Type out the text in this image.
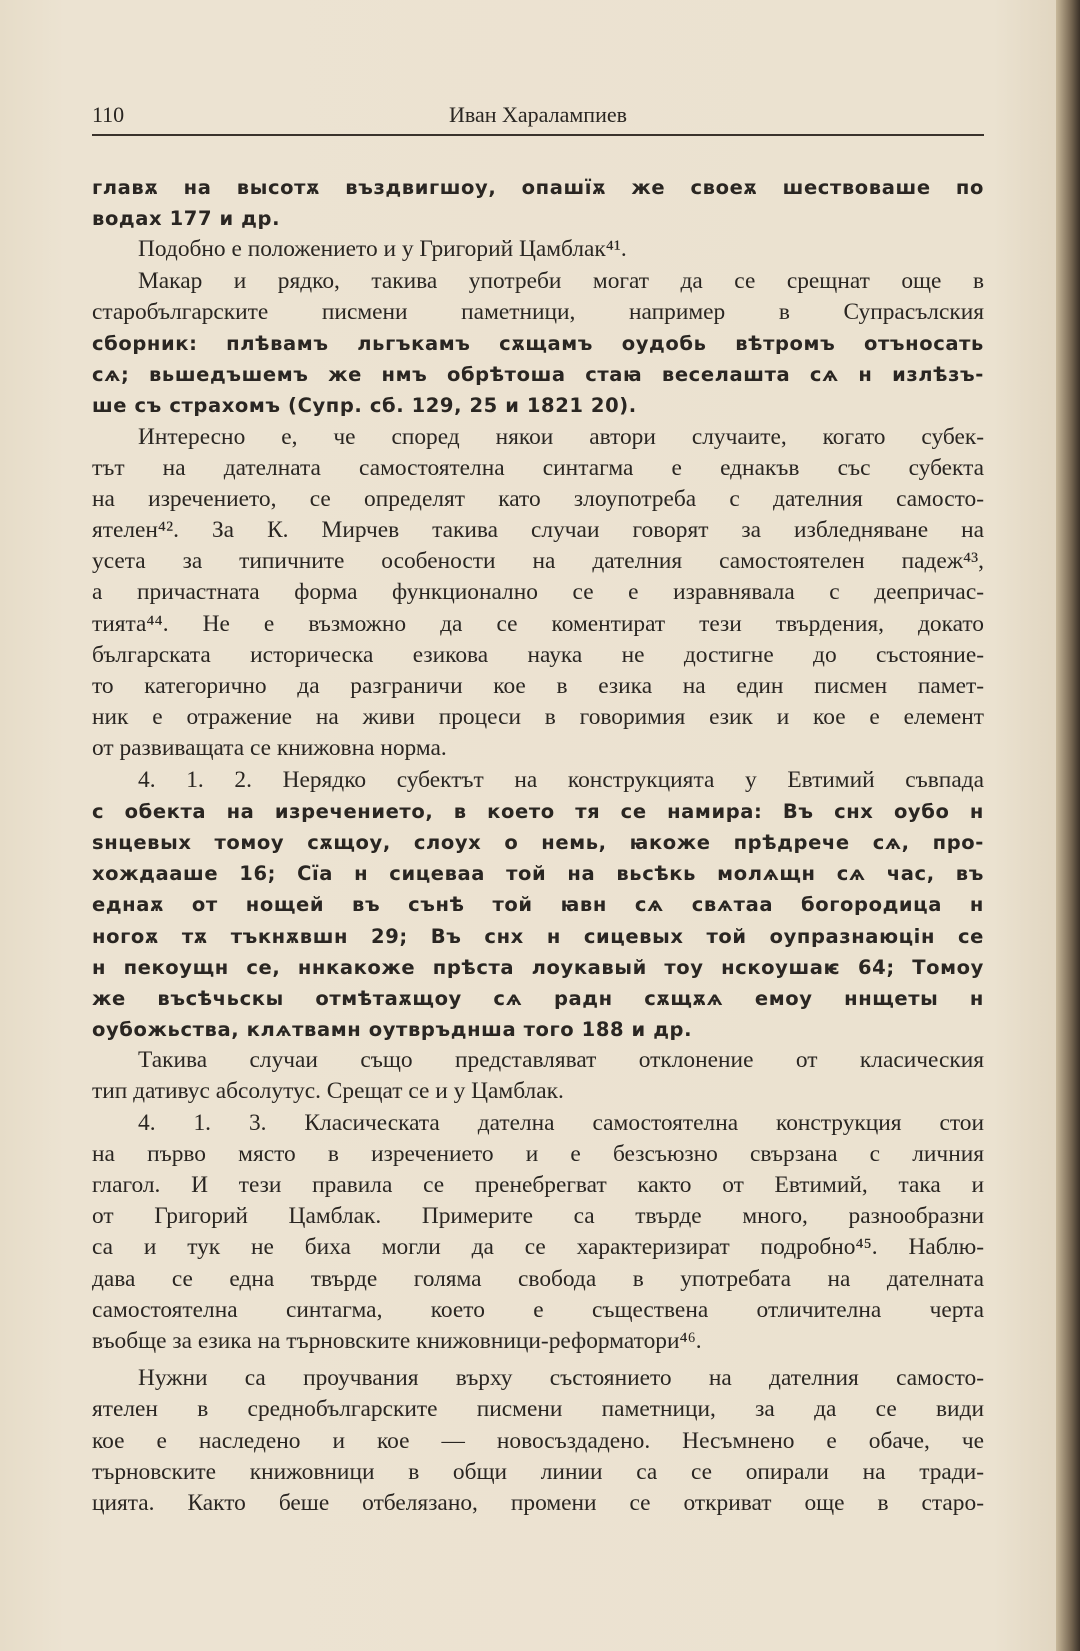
110	Иван Харалампиев
главѫ на высотѫ въздвигшоу, опашїѫ же своеѫ шествоваше по
водах 177 и др.
Подобно е положението и у Григорий Цамблак⁴¹.
Макар и рядко, такива употреби могат да се срещнат още в
старобългарските писмени паметници, например в Супрасълския
сборник: плѣвамъ льгъкамъ сѫщамъ оудобь вѣтромъ отъносать
сѧ; вьшедъшемъ же нмъ обрѣтоша стаꙗ веселашта сѧ н излѣзъ-
ше съ страхомъ (Супр. сб. 129, 25 и 1821 20).
Интересно е, че според някои автори случаите, когато субек-
тът на дателната самостоятелна синтагма е еднакъв със субекта
на изречението, се определят като злоупотреба с дателния самосто-
ятелен⁴². За К. Мирчев такива случаи говорят за избледняване на
усета за типичните особености на дателния самостоятелен падеж⁴³,
а причастната форма функционално се е изравнявала с деепричас-
тията⁴⁴. Не е възможно да се коментират тези твърдения, докато
българската историческа езикова наука не достигне до състояние-
то категорично да разграничи кое в езика на един писмен памет-
ник е отражение на живи процеси в говоримия език и кое е елемент
от развиващата се книжовна норма.
4. 1. 2. Нерядко субектът на конструкцията у Евтимий съвпада
с обекта на изречението, в което тя се намира: Въ снх оубо н
ѕнцевых томоу сѫщоу, слоух о немь, ꙗкоже прѣдрече сѧ, про-
хождааше 16; Сїа н сицеваа той на вьсѣкь молѧщн сѧ час, въ
еднаѫ от нощей въ сънѣ той ꙗвн сѧ свѧтаа богородица н
ногоѫ тѫ тъкнѫвшн 29; Въ снх н сицевых той оупразнаюцін се
н пекоущн се, ннкакоже прѣста лоукавый тоу нскоушаѥ 64; Томоу
же въсѣчьскы отмѣтаѫщоу сѧ радн сѫщѫѧ емоу ннщеты н
оубожьства, клѧтвамн оутвръднша того 188 и др.
Такива случаи също представляват отклонение от класическия
тип дативус абсолутус. Срещат се и у Цамблак.
4. 1. 3. Класическата дателна самостоятелна конструкция стои
на първо място в изречението и е безсъюзно свързана с личния
глагол. И тези правила се пренебрегват както от Евтимий, така и
от Григорий Цамблак. Примерите са твърде много, разнообразни
са и тук не биха могли да се характеризират подробно⁴⁵. Наблю-
дава се една твърде голяма свобода в употребата на дателната
самостоятелна синтагма, което е съществена отличителна черта
въобще за езика на търновските книжовници-реформатори⁴⁶.
Нужни са проучвания върху състоянието на дателния самосто-
ятелен в среднобългарските писмени паметници, за да се види
кое е наследено и кое — новосъздадено. Несъмнено е обаче, че
търновските книжовници в общи линии са се опирали на тради-
цията. Както беше отбелязано, промени се откриват още в старо-
